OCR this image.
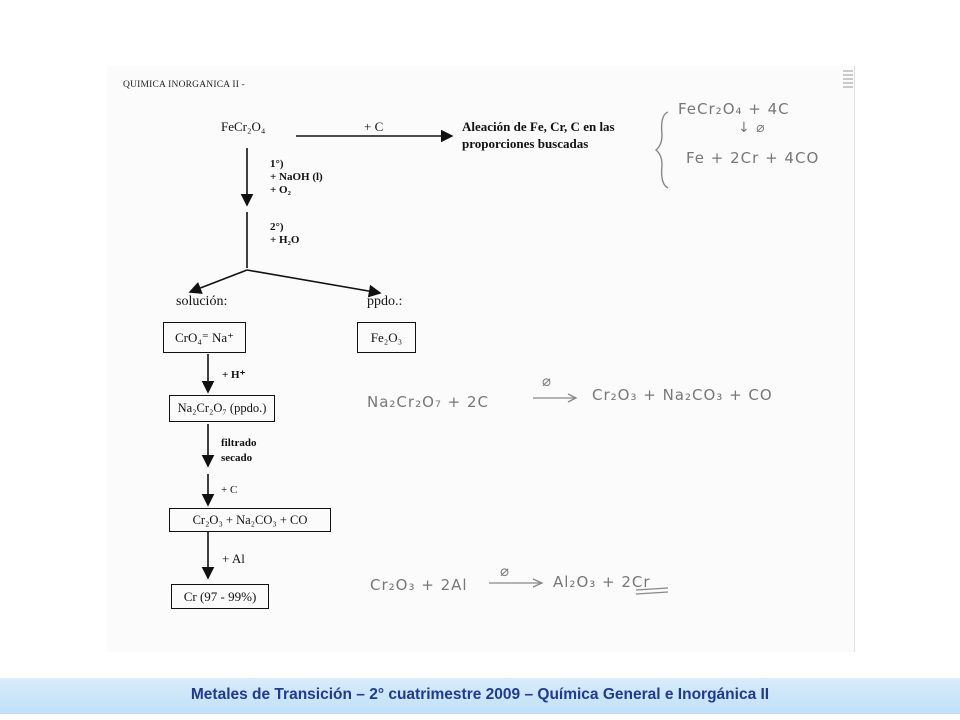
QUIMICA INORGANICA II -
FeCr₂O₄	+ C	Aleación de Fe, Cr, C en las
proporciones buscadas
1°)
+ NaOH (l)
+ O₂
2°)
+ H₂O
solución:	ppdo.:
CrO₄⁼ Na⁺	Fe₂O₃
+ H⁺
Na₂Cr₂O₇ (ppdo.)
filtrado
secado
+ C
Cr₂O₃ + Na₂CO₃ + CO
+ Al
Cr (97 - 99%)
FeCr₂O₄ + 4C
↓ ⌀
Fe + 2Cr + 4CO
Na₂Cr₂O₇ + 2C
⌀
Cr₂O₃ + Na₂CO₃ + CO
Cr₂O₃ + 2Al
⌀
Al₂O₃ + 2Cr
Metales de Transición – 2° cuatrimestre 2009 – Química General e Inorgánica II
